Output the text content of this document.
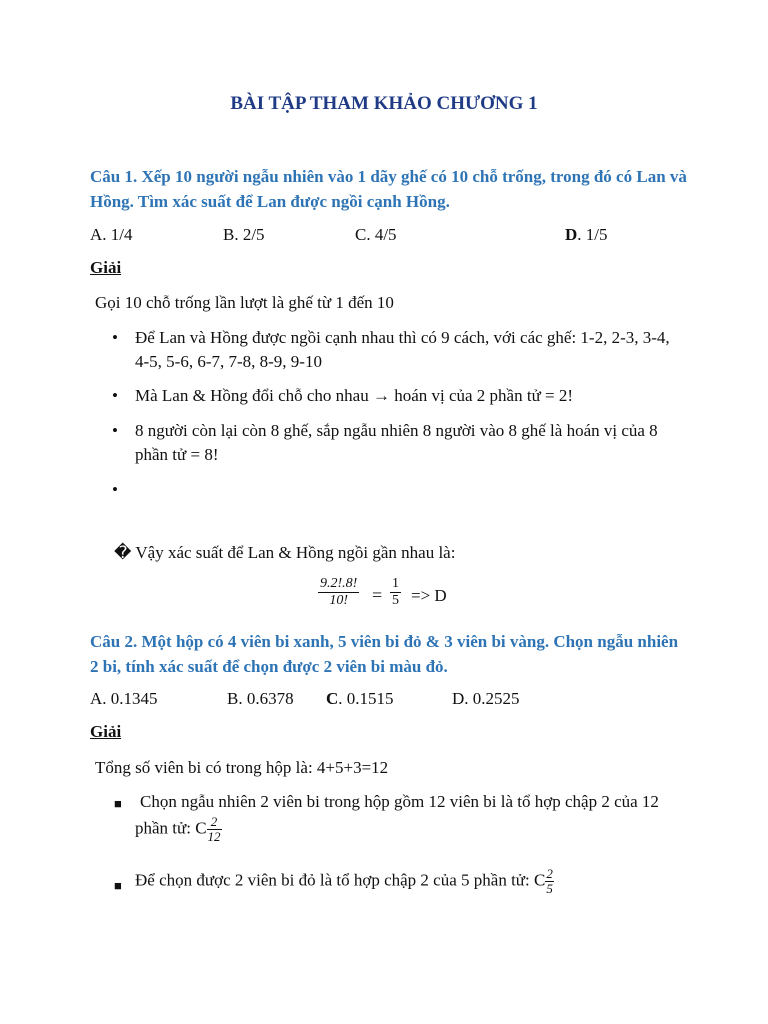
BÀI TẬP THAM KHẢO CHƯƠNG 1
Câu 1. Xếp 10 người ngẫu nhiên vào 1 dãy ghế có 10 chỗ trống, trong đó có Lan và Hồng. Tìm xác suất để Lan được ngồi cạnh Hồng.
A. 1/4	B. 2/5	C. 4/5	D. 1/5
Giải
Gọi 10 chỗ trống lần lượt là ghế từ 1 đến 10
• Để Lan và Hồng được ngồi cạnh nhau thì có 9 cách, với các ghế: 1-2, 2-3, 3-4, 4-5, 5-6, 6-7, 7-8, 8-9, 9-10
• Mà Lan & Hồng đổi chỗ cho nhau → hoán vị của 2 phần tử = 2!
• 8 người còn lại còn 8 ghế, sắp ngẫu nhiên 8 người vào 8 ghế là hoán vị của 8 phần tử = 8!
•
� Vậy xác suất để Lan & Hồng ngồi gần nhau là:
$\frac{9.2!.8!}{10!} = \frac{1}{5} => D$
Câu 2. Một hộp có 4 viên bi xanh, 5 viên bi đỏ & 3 viên bi vàng. Chọn ngẫu nhiên 2 bi, tính xác suất để chọn được 2 viên bi màu đỏ.
A. 0.1345	B. 0.6378 C. 0.1515	D. 0.2525
Giải
Tổng số viên bi có trong hộp là: 4+5+3=12
■ Chọn ngẫu nhiên 2 viên bi trong hộp gồm 12 viên bi là tổ hợp chập 2 của 12
phần tử: C $\frac{2}{12}$
■ Để chọn được 2 viên bi đỏ là tổ hợp chập 2 của 5 phần tử: C $\frac{2}{5}$
